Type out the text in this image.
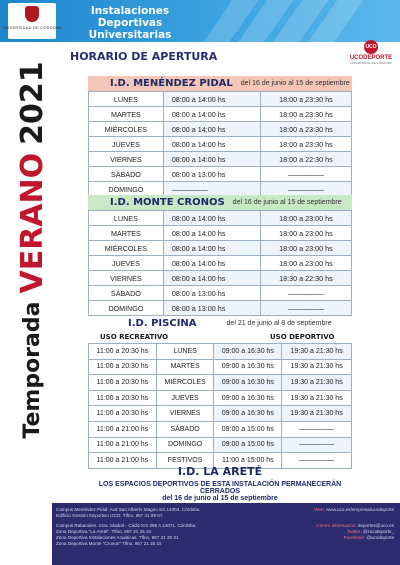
UNIVERSIDAD DE CÓRDOBA
Instalaciones Deportivas
Universitarias
HORARIO DE APERTURA
UCO
UCODEPORTE
UNIVERSIDAD DE CÓRDOBA
Temporada
VERANO
2021	I.D. MENÉNDEZ PIDAL del 16 de junio al 15 de septiembre
LUNES	08:00 a 14:00 hs	18:00 a 23:30 hs
MARTES	08:00 a 14:00 hs	18:00 a 23:30 hs
MIÉRCOLES	08:00 a 14:00 hs	18:00 a 23:30 hs
JUEVES	08:00 a 14:00 hs	18:00 a 23:30 hs
VIERNES	08:00 a 14:00 hs	18:00 a 22:30 hs
SÁBADO	08:00 a 13:00 hs	—————
DOMINGO	—————	—————
I.D. MONTE CRONOS del 16 de junio al 15 de septiembre
LUNES	08:00 a 14:00 hs	18:00 a 23:00 hs
MARTES	08:00 a 14:00 hs	18:00 a 23:00 hs
MIÉRCOLES	08:00 a 14:00 hs	18:00 a 23:00 hs
JUEVES	08:00 a 14:00 hs	18:00 a 23:00 hs
VIERNES	08:00 a 14:00 hs	18:30 a 22:30 hs
SÁBADO	08:00 a 13:00 hs	—————
DOMINGO	08:00 a 13:00 hs	—————
I.D. PISCINA	del 21 de junio al 8 de septiembre
USO RECREATIVO	USO DEPORTIVO
11:00 a 20:30 hs	LUNES	09:00 a 16:30 hs	19:30 a 21:30 hs
11:00 a 20:30 hs	MARTES	09:00 a 16:30 hs	19:30 a 21:30 hs
11:00 a 20:30 hs	MIÉRCOLES	09:00 a 16:30 hs	19:30 a 21:30 hs
11:00 a 20:30 hs	JUEVES	09:00 a 16:30 hs	19:30 a 21:30 hs
11:00 a 20:30 hs	VIERNES	09:00 a 16:30 hs	19:30 a 21:30 hs
11:00 a 21:00 hs	SÁBADO	09:00 a 15:00 hs	—————
11:00 a 21:00 hs	DOMINGO	09:00 a 15:00 hs	—————
11:00 a 21:00 hs	FESTIVOS	11:00 a 15:00 hs	—————
I.D. LA ARETÉ
LOS ESPACIOS DEPORTIVOS DE ESTA INSTALACIÓN PERMANECERÁN CERRADOS
del 16 de junio al 15 de septiembre
Campus Menéndez Pidal. Avd San Alberto Magno s/n 14004. Córdoba.
Edificio Gestión Deportivo UCO. Tlfno. 957 21 89 67
Campus Rabanales. Ctra. Madrid - Cádiz Km 396 A 14071. Córdoba.
Zona Deportiva "La Areté". Tlfno. 957 21 25 24
Zona Deportiva Instalaciones Acuáticas. Tlfno. 957 21 25 31
Zona Deportiva Monte "Cronos" Tlfno. 957 21 25 15
Web: www.uco.es/empresa/ucodeporte
Correo información: deportes@uco.es
Twitter: @Ucodeporte_
Facebook: @ucodeporte
